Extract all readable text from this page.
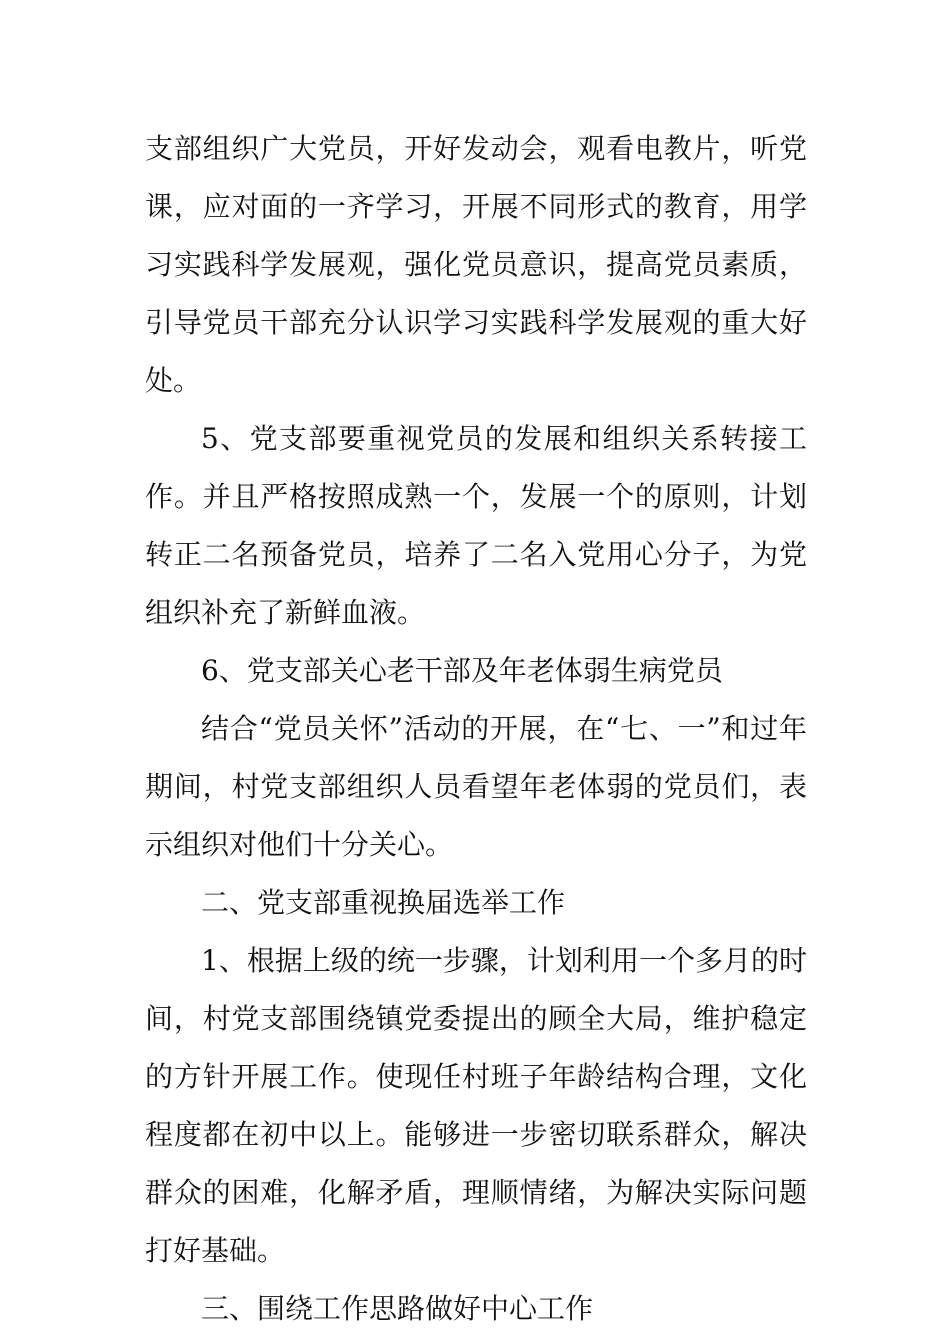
支部组织广大党员，开好发动会，观看电教片，听党课，应对面的一齐学习，开展不同形式的教育，用学习实践科学发展观，强化党员意识，提高党员素质，引导党员干部充分认识学习实践科学发展观的重大好处。

5、党支部要重视党员的发展和组织关系转接工作。并且严格按照成熟一个，发展一个的原则，计划转正二名预备党员，培养了二名入党用心分子，为党组织补充了新鲜血液。

6、党支部关心老干部及年老体弱生病党员

结合“党员关怀”活动的开展，在“七、一”和过年期间，村党支部组织人员看望年老体弱的党员们，表示组织对他们十分关心。

二、党支部重视换届选举工作

1、根据上级的统一步骤，计划利用一个多月的时间，村党支部围绕镇党委提出的顾全大局，维护稳定的方针开展工作。使现任村班子年龄结构合理，文化程度都在初中以上。能够进一步密切联系群众，解决群众的困难，化解矛盾，理顺情绪，为解决实际问题打好基础。

三、围绕工作思路做好中心工作
